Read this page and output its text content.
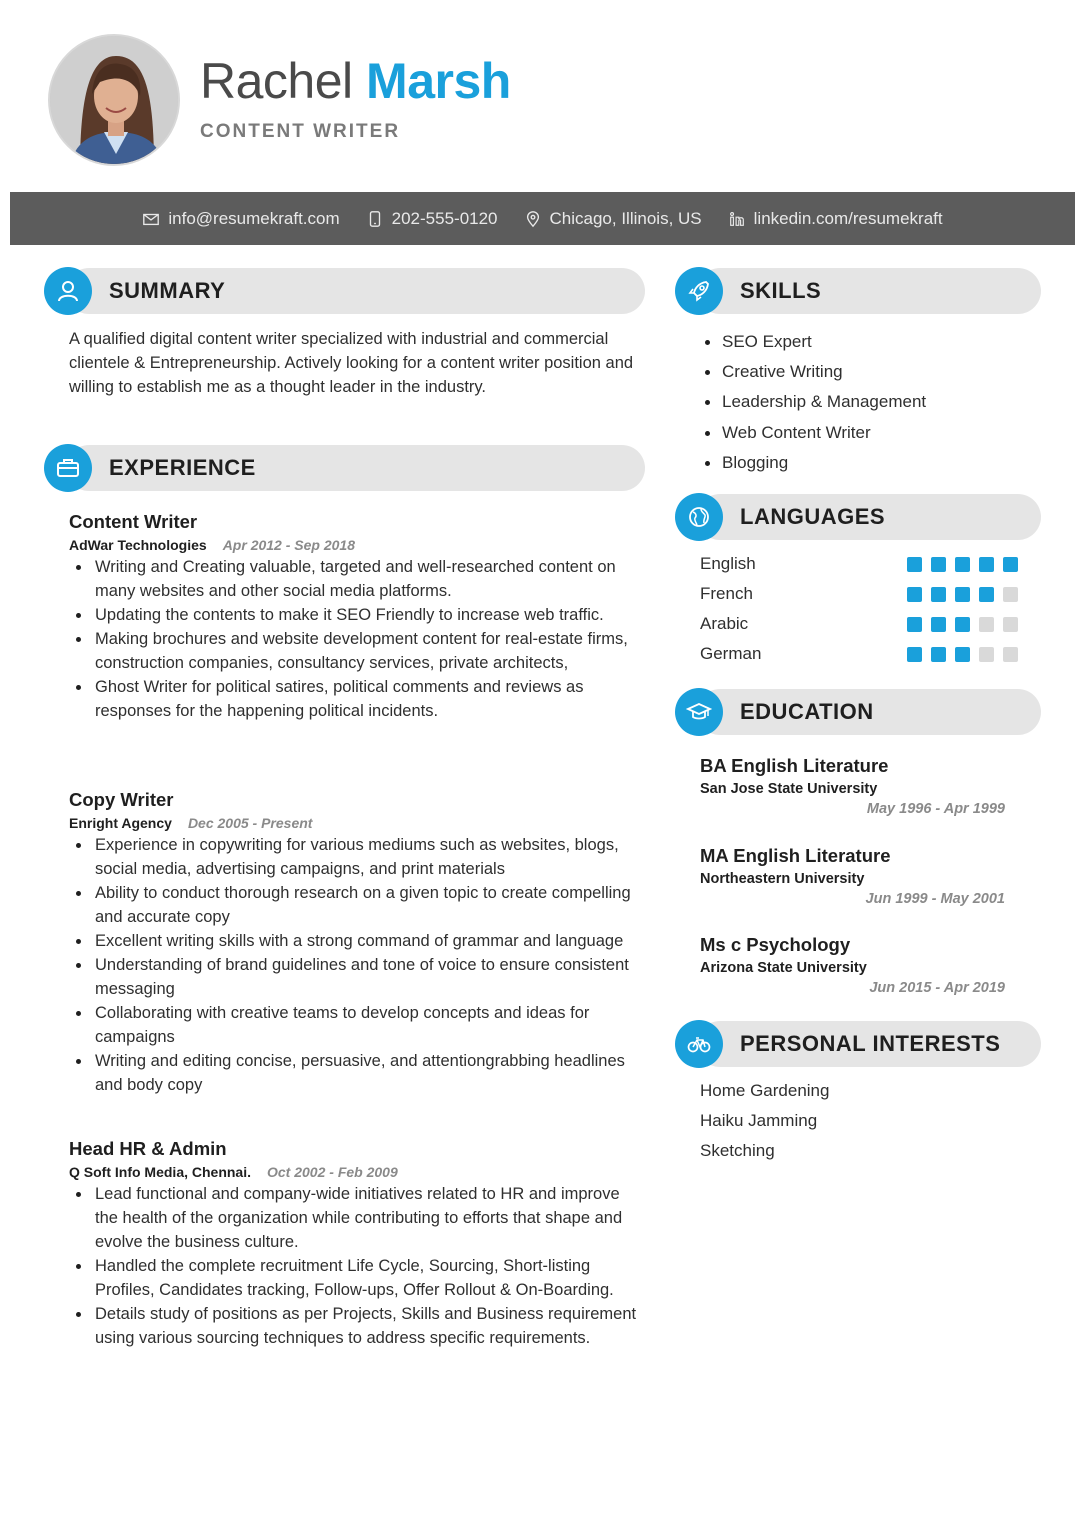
Rachel Marsh
CONTENT WRITER
info@resumekraft.com	202-555-0120	Chicago, Illinois, US	linkedin.com/resumekraft
SUMMARY
A qualified digital content writer specialized with industrial and commercial clientele & Entrepreneurship. Actively looking for a content writer position and willing to establish me as a thought leader in the industry.
EXPERIENCE
Content Writer
AdWar Technologies Apr 2012 - Sep 2018
Writing and Creating valuable, targeted and well-researched content on many websites and other social media platforms.
Updating the contents to make it SEO Friendly to increase web traffic.
Making brochures and website development content for real-estate firms, construction companies, consultancy services, private architects,
Ghost Writer for political satires, political comments and reviews as responses for the happening political incidents.
Copy Writer
Enright Agency Dec 2005 - Present
Experience in copywriting for various mediums such as websites, blogs, social media, advertising campaigns, and print materials
Ability to conduct thorough research on a given topic to create compelling and accurate copy
Excellent writing skills with a strong command of grammar and language
Understanding of brand guidelines and tone of voice to ensure consistent messaging
Collaborating with creative teams to develop concepts and ideas for campaigns
Writing and editing concise, persuasive, and attentiongrabbing headlines and body copy
Head HR & Admin
Q Soft Info Media, Chennai. Oct 2002 - Feb 2009
Lead functional and company-wide initiatives related to HR and improve the health of the organization while contributing to efforts that shape and evolve the business culture.
Handled the complete recruitment Life Cycle, Sourcing, Short-listing Profiles, Candidates tracking, Follow-ups, Offer Rollout & On-Boarding.
Details study of positions as per Projects, Skills and Business requirement using various sourcing techniques to address specific requirements.
SKILLS
SEO Expert
Creative Writing
Leadership & Management
Web Content Writer
Blogging
LANGUAGES
English
French
Arabic
German
EDUCATION
BA English Literature
San Jose State University
May 1996 - Apr 1999
MA English Literature
Northeastern University
Jun 1999 - May 2001
Ms c Psychology
Arizona State University
Jun 2015 - Apr 2019
PERSONAL INTERESTS
Home Gardening
Haiku Jamming
Sketching
